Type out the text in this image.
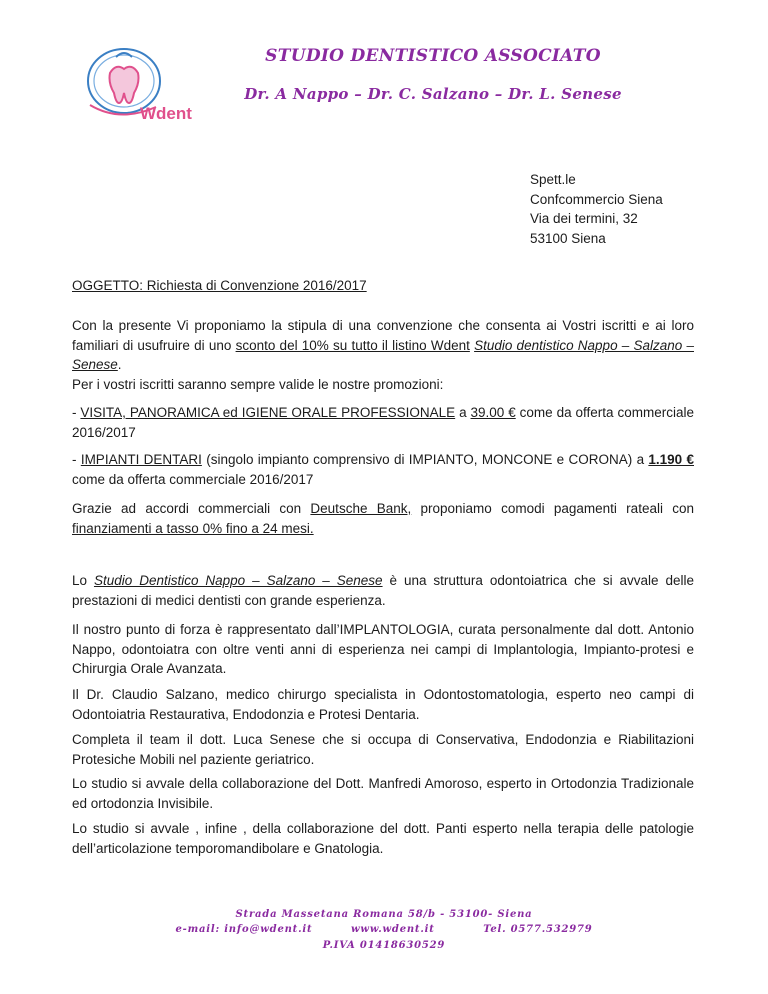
Wdent
STUDIO DENTISTICO ASSOCIATO
Dr. A Nappo – Dr. C. Salzano – Dr. L. Senese
Spett.le
Confcommercio Siena
Via dei termini, 32
53100 Siena
OGGETTO: Richiesta di Convenzione 2016/2017
Con la presente Vi proponiamo la stipula di una convenzione che consenta ai Vostri iscritti e ai loro familiari di usufruire di uno sconto del 10% su tutto il listino Wdent Studio dentistico Nappo – Salzano – Senese.
Per i vostri iscritti saranno sempre valide le nostre promozioni:
- VISITA, PANORAMICA ed IGIENE ORALE PROFESSIONALE a 39.00 € come da offerta commerciale 2016/2017
- IMPIANTI DENTARI (singolo impianto comprensivo di IMPIANTO, MONCONE e CORONA) a 1.190 € come da offerta commerciale 2016/2017
Grazie ad accordi commerciali con Deutsche Bank, proponiamo comodi pagamenti rateali con finanziamenti a tasso 0% fino a 24 mesi.
Lo Studio Dentistico Nappo – Salzano – Senese è una struttura odontoiatrica che si avvale delle prestazioni di medici dentisti con grande esperienza.
Il nostro punto di forza è rappresentato dall’IMPLANTOLOGIA, curata personalmente dal dott. Antonio Nappo, odontoiatra con oltre venti anni di esperienza nei campi di Implantologia, Impianto-protesi e Chirurgia Orale Avanzata.
Il Dr. Claudio Salzano, medico chirurgo specialista in Odontostomatologia, esperto neo campi di Odontoiatria Restaurativa, Endodonzia e Protesi Dentaria.
Completa il team il dott. Luca Senese che si occupa di Conservativa, Endodonzia e Riabilitazioni Protesiche Mobili nel paziente geriatrico.
Lo studio si avvale della collaborazione del Dott. Manfredi Amoroso, esperto in Ortodonzia Tradizionale ed ortodonzia Invisibile.
Lo studio si avvale , infine , della collaborazione del dott. Panti esperto nella terapia delle patologie dell’articolazione temporomandibolare e Gnatologia.
Strada Massetana Romana 58/b - 53100- Siena
e-mail: info@wdent.it	www.wdent.it	Tel. 0577.532979
P.IVA 01418630529
